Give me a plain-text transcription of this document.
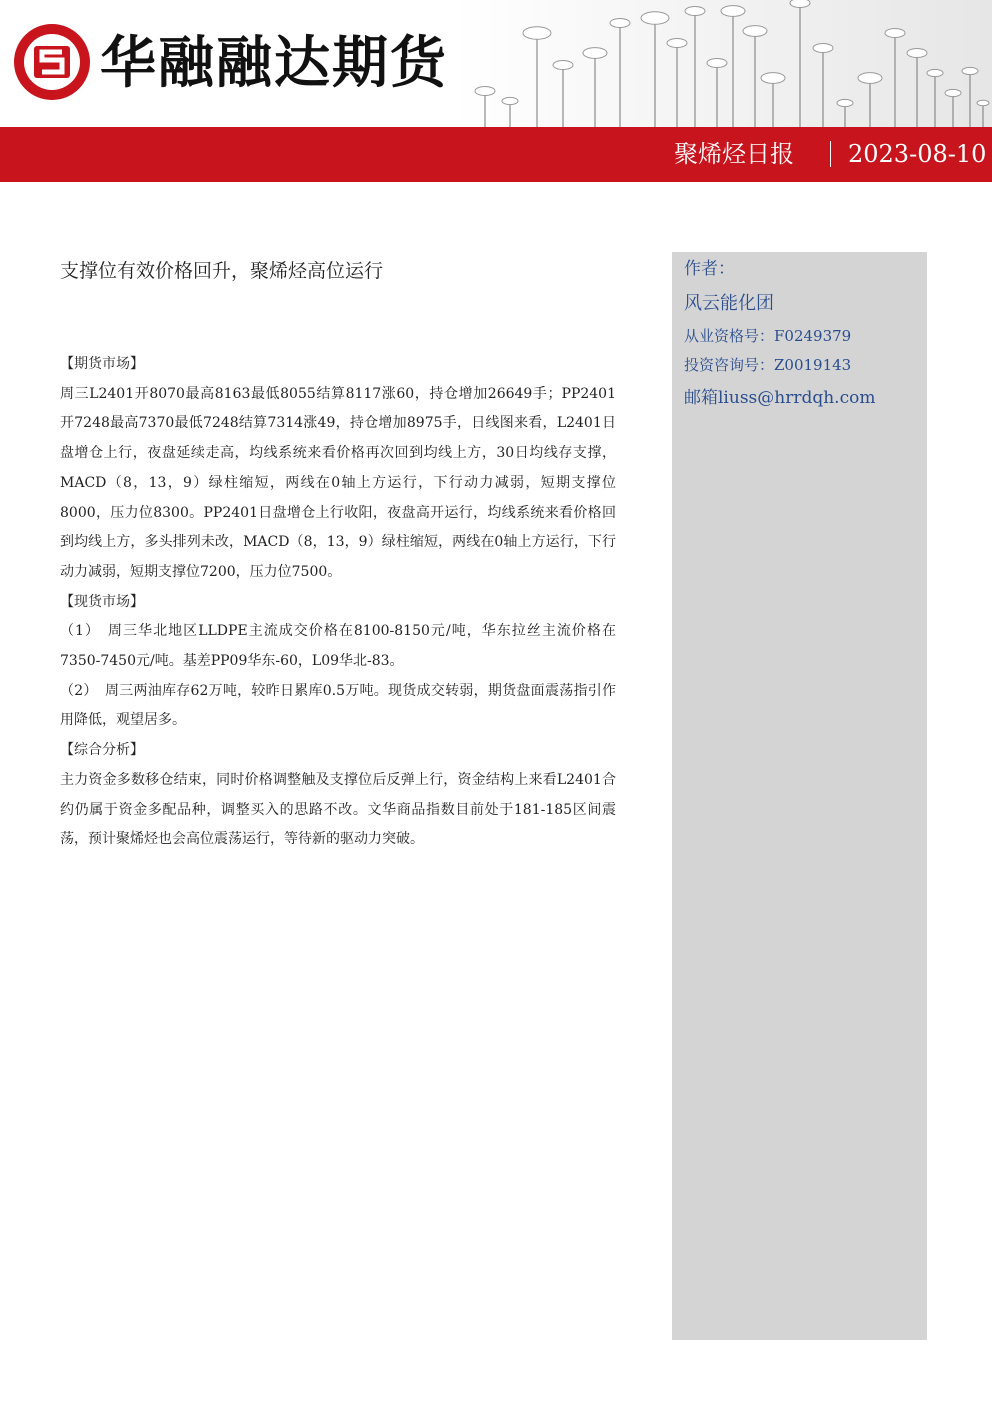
华融融达期货
聚烯烃日报 2023-08-10
支撑位有效价格回升，聚烯烃高位运行

【期货市场】

周三L2401开8070最高8163最低8055结算8117涨60，持仓增加26649手；PP2401开7248最高7370最低7248结算7314涨49，持仓增加8975手，日线图来看，L2401日盘增仓上行，夜盘延续走高，均线系统来看价格再次回到均线上方，30日均线存支撑，MACD（8，13，9）绿柱缩短，两线在0轴上方运行，下行动力减弱，短期支撑位8000，压力位8300。PP2401日盘增仓上行收阳，夜盘高开运行，均线系统来看价格回到均线上方，多头排列未改，MACD（8，13，9）绿柱缩短，两线在0轴上方运行，下行动力减弱，短期支撑位7200，压力位7500。

【现货市场】

（1）　周三华北地区LLDPE主流成交价格在8100-8150元/吨，华东拉丝主流价格在7350-7450元/吨。基差PP09华东-60，L09华北-83。

（2）　周三两油库存62万吨，较昨日累库0.5万吨。现货成交转弱，期货盘面震荡指引作用降低，观望居多。

【综合分析】

主力资金多数移仓结束，同时价格调整触及支撑位后反弹上行，资金结构上来看L2401合约仍属于资金多配品种，调整买入的思路不改。文华商品指数目前处于181-185区间震荡，预计聚烯烃也会高位震荡运行，等待新的驱动力突破。

作者：
风云能化团
从业资格号：F0249379
投资咨询号：Z0019143
邮箱liuss@hrrdqh.com
